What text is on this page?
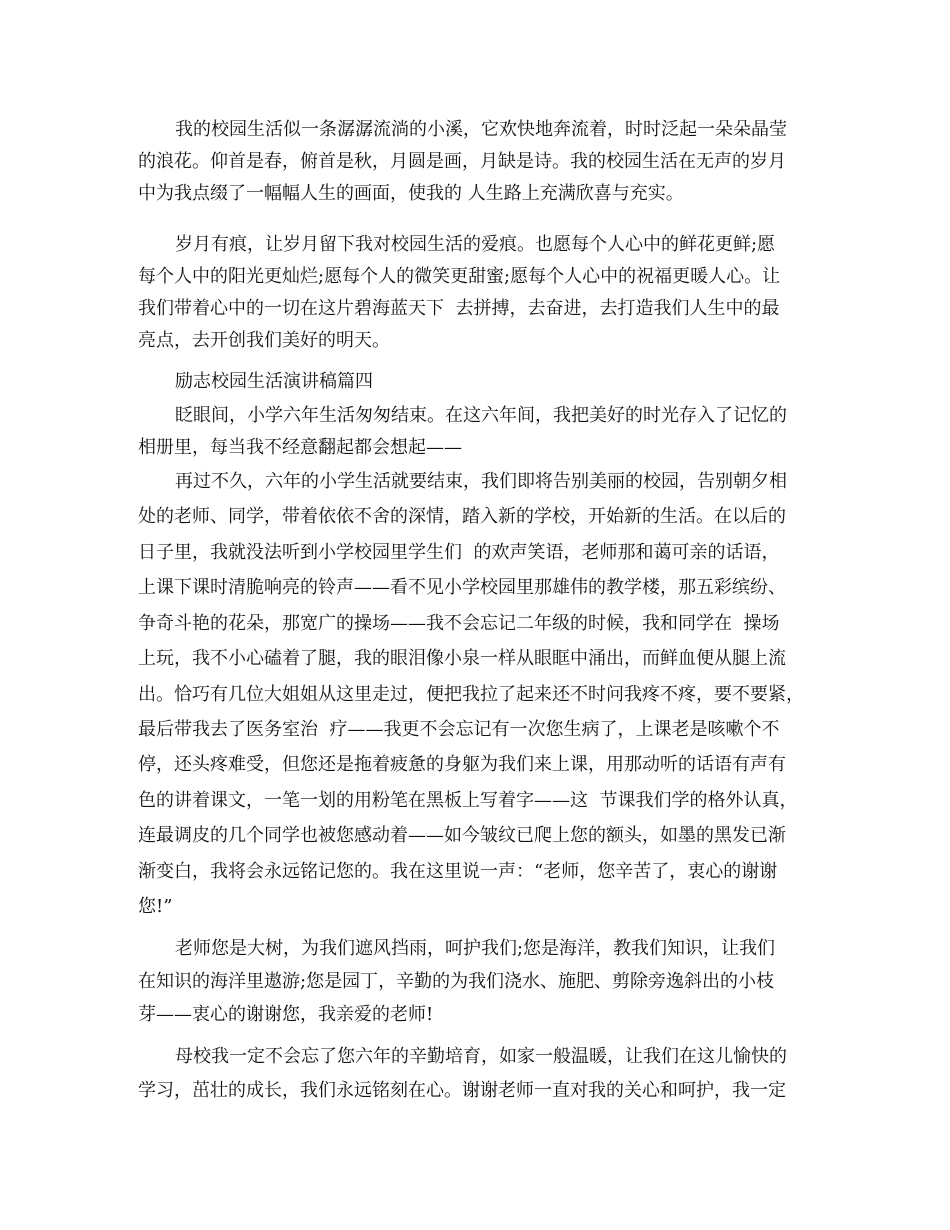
我的校园生活似一条潺潺流淌的小溪，它欢快地奔流着，时时泛起一朵朵晶莹
的浪花。仰首是春，俯首是秋，月圆是画，月缺是诗。我的校园生活在无声的岁月
中为我点缀了一幅幅人生的画面，使我的 人生路上充满欣喜与充实。
岁月有痕，让岁月留下我对校园生活的爱痕。也愿每个人心中的鲜花更鲜;愿
每个人中的阳光更灿烂;愿每个人的微笑更甜蜜;愿每个人心中的祝福更暖人心。让
我们带着心中的一切在这片碧海蓝天下  去拼搏，去奋进，去打造我们人生中的最
亮点，去开创我们美好的明天。
励志校园生活演讲稿篇四
眨眼间，小学六年生活匆匆结束。在这六年间，我把美好的时光存入了记忆的
相册里，每当我不经意翻起都会想起——
再过不久，六年的小学生活就要结束，我们即将告别美丽的校园，告别朝夕相
处的老师、同学，带着依依不舍的深情，踏入新的学校，开始新的生活。在以后的
日子里，我就没法听到小学校园里学生们  的欢声笑语，老师那和蔼可亲的话语，
上课下课时清脆响亮的铃声——看不见小学校园里那雄伟的教学楼，那五彩缤纷、
争奇斗艳的花朵，那宽广的操场——我不会忘记二年级的时候，我和同学在  操场
上玩，我不小心磕着了腿，我的眼泪像小泉一样从眼眶中涌出，而鲜血便从腿上流
出。恰巧有几位大姐姐从这里走过，便把我拉了起来还不时问我疼不疼，要不要紧，
最后带我去了医务室治  疗——我更不会忘记有一次您生病了，上课老是咳嗽个不
停，还头疼难受，但您还是拖着疲惫的身躯为我们来上课，用那动听的话语有声有
色的讲着课文，一笔一划的用粉笔在黑板上写着字——这  节课我们学的格外认真，
连最调皮的几个同学也被您感动着——如今皱纹已爬上您的额头，如墨的黑发已渐
渐变白，我将会永远铭记您的。我在这里说一声：“老师，您辛苦了，衷心的谢谢
您!”
老师您是大树，为我们遮风挡雨，呵护我们;您是海洋，教我们知识，让我们
在知识的海洋里遨游;您是园丁，辛勤的为我们浇水、施肥、剪除旁逸斜出的小枝
芽——衷心的谢谢您，我亲爱的老师!
母校我一定不会忘了您六年的辛勤培育，如家一般温暖，让我们在这儿愉快的
学习，茁壮的成长，我们永远铭刻在心。谢谢老师一直对我的关心和呵护，我一定
